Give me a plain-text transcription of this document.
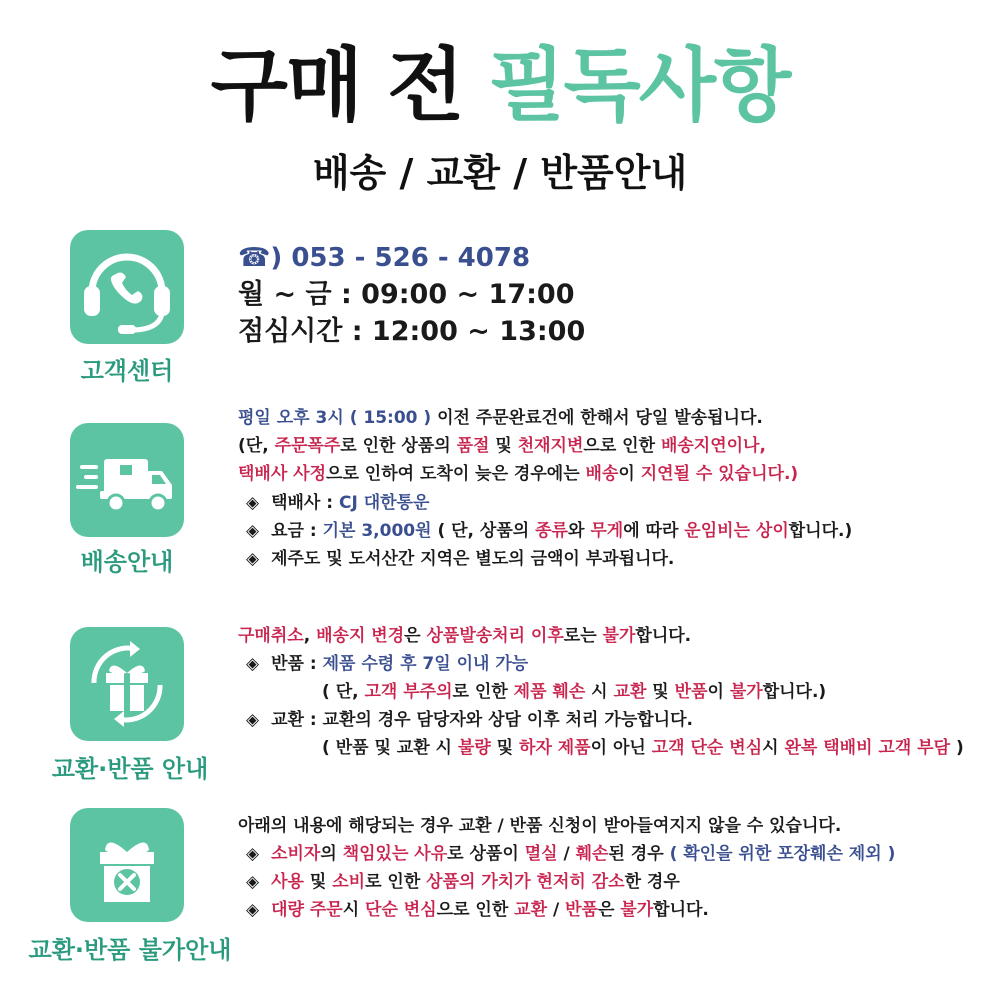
구매 전 필독사항
배송 / 교환 / 반품안내
고객센터
☎) 053 - 526 - 4078
월 ~ 금 : 09:00 ~ 17:00
점심시간 : 12:00 ~ 13:00
배송안내
평일 오후 3시 ( 15:00 ) 이전 주문완료건에 한해서 당일 발송됩니다.
(단, 주문폭주로 인한 상품의 품절 및 천재지변으로 인한 배송지연이나,
택배사 사정으로 인하여 도착이 늦은 경우에는 배송이 지연될 수 있습니다.)
◈ 택배사 : CJ 대한통운
◈ 요금 : 기본 3,000원 ( 단, 상품의 종류와 무게에 따라 운임비는 상이합니다.)
◈ 제주도 및 도서산간 지역은 별도의 금액이 부과됩니다.
교환·반품 안내
구매취소, 배송지 변경은 상품발송처리 이후로는 불가합니다.
◈ 반품 : 제품 수령 후 7일 이내 가능
( 단, 고객 부주의로 인한 제품 훼손 시 교환 및 반품이 불가합니다.)
◈ 교환 : 교환의 경우 담당자와 상담 이후 처리 가능합니다.
( 반품 및 교환 시 불량 및 하자 제품이 아닌 고객 단순 변심시 완복 택배비 고객 부담 )
교환·반품 불가안내
아래의 내용에 해당되는 경우 교환 / 반품 신청이 받아들여지지 않을 수 있습니다.
◈ 소비자의 책임있는 사유로 상품이 멸실 / 훼손된 경우 ( 확인을 위한 포장훼손 제외 )
◈ 사용 및 소비로 인한 상품의 가치가 현저히 감소한 경우
◈ 대량 주문시 단순 변심으로 인한 교환 / 반품은 불가합니다.
